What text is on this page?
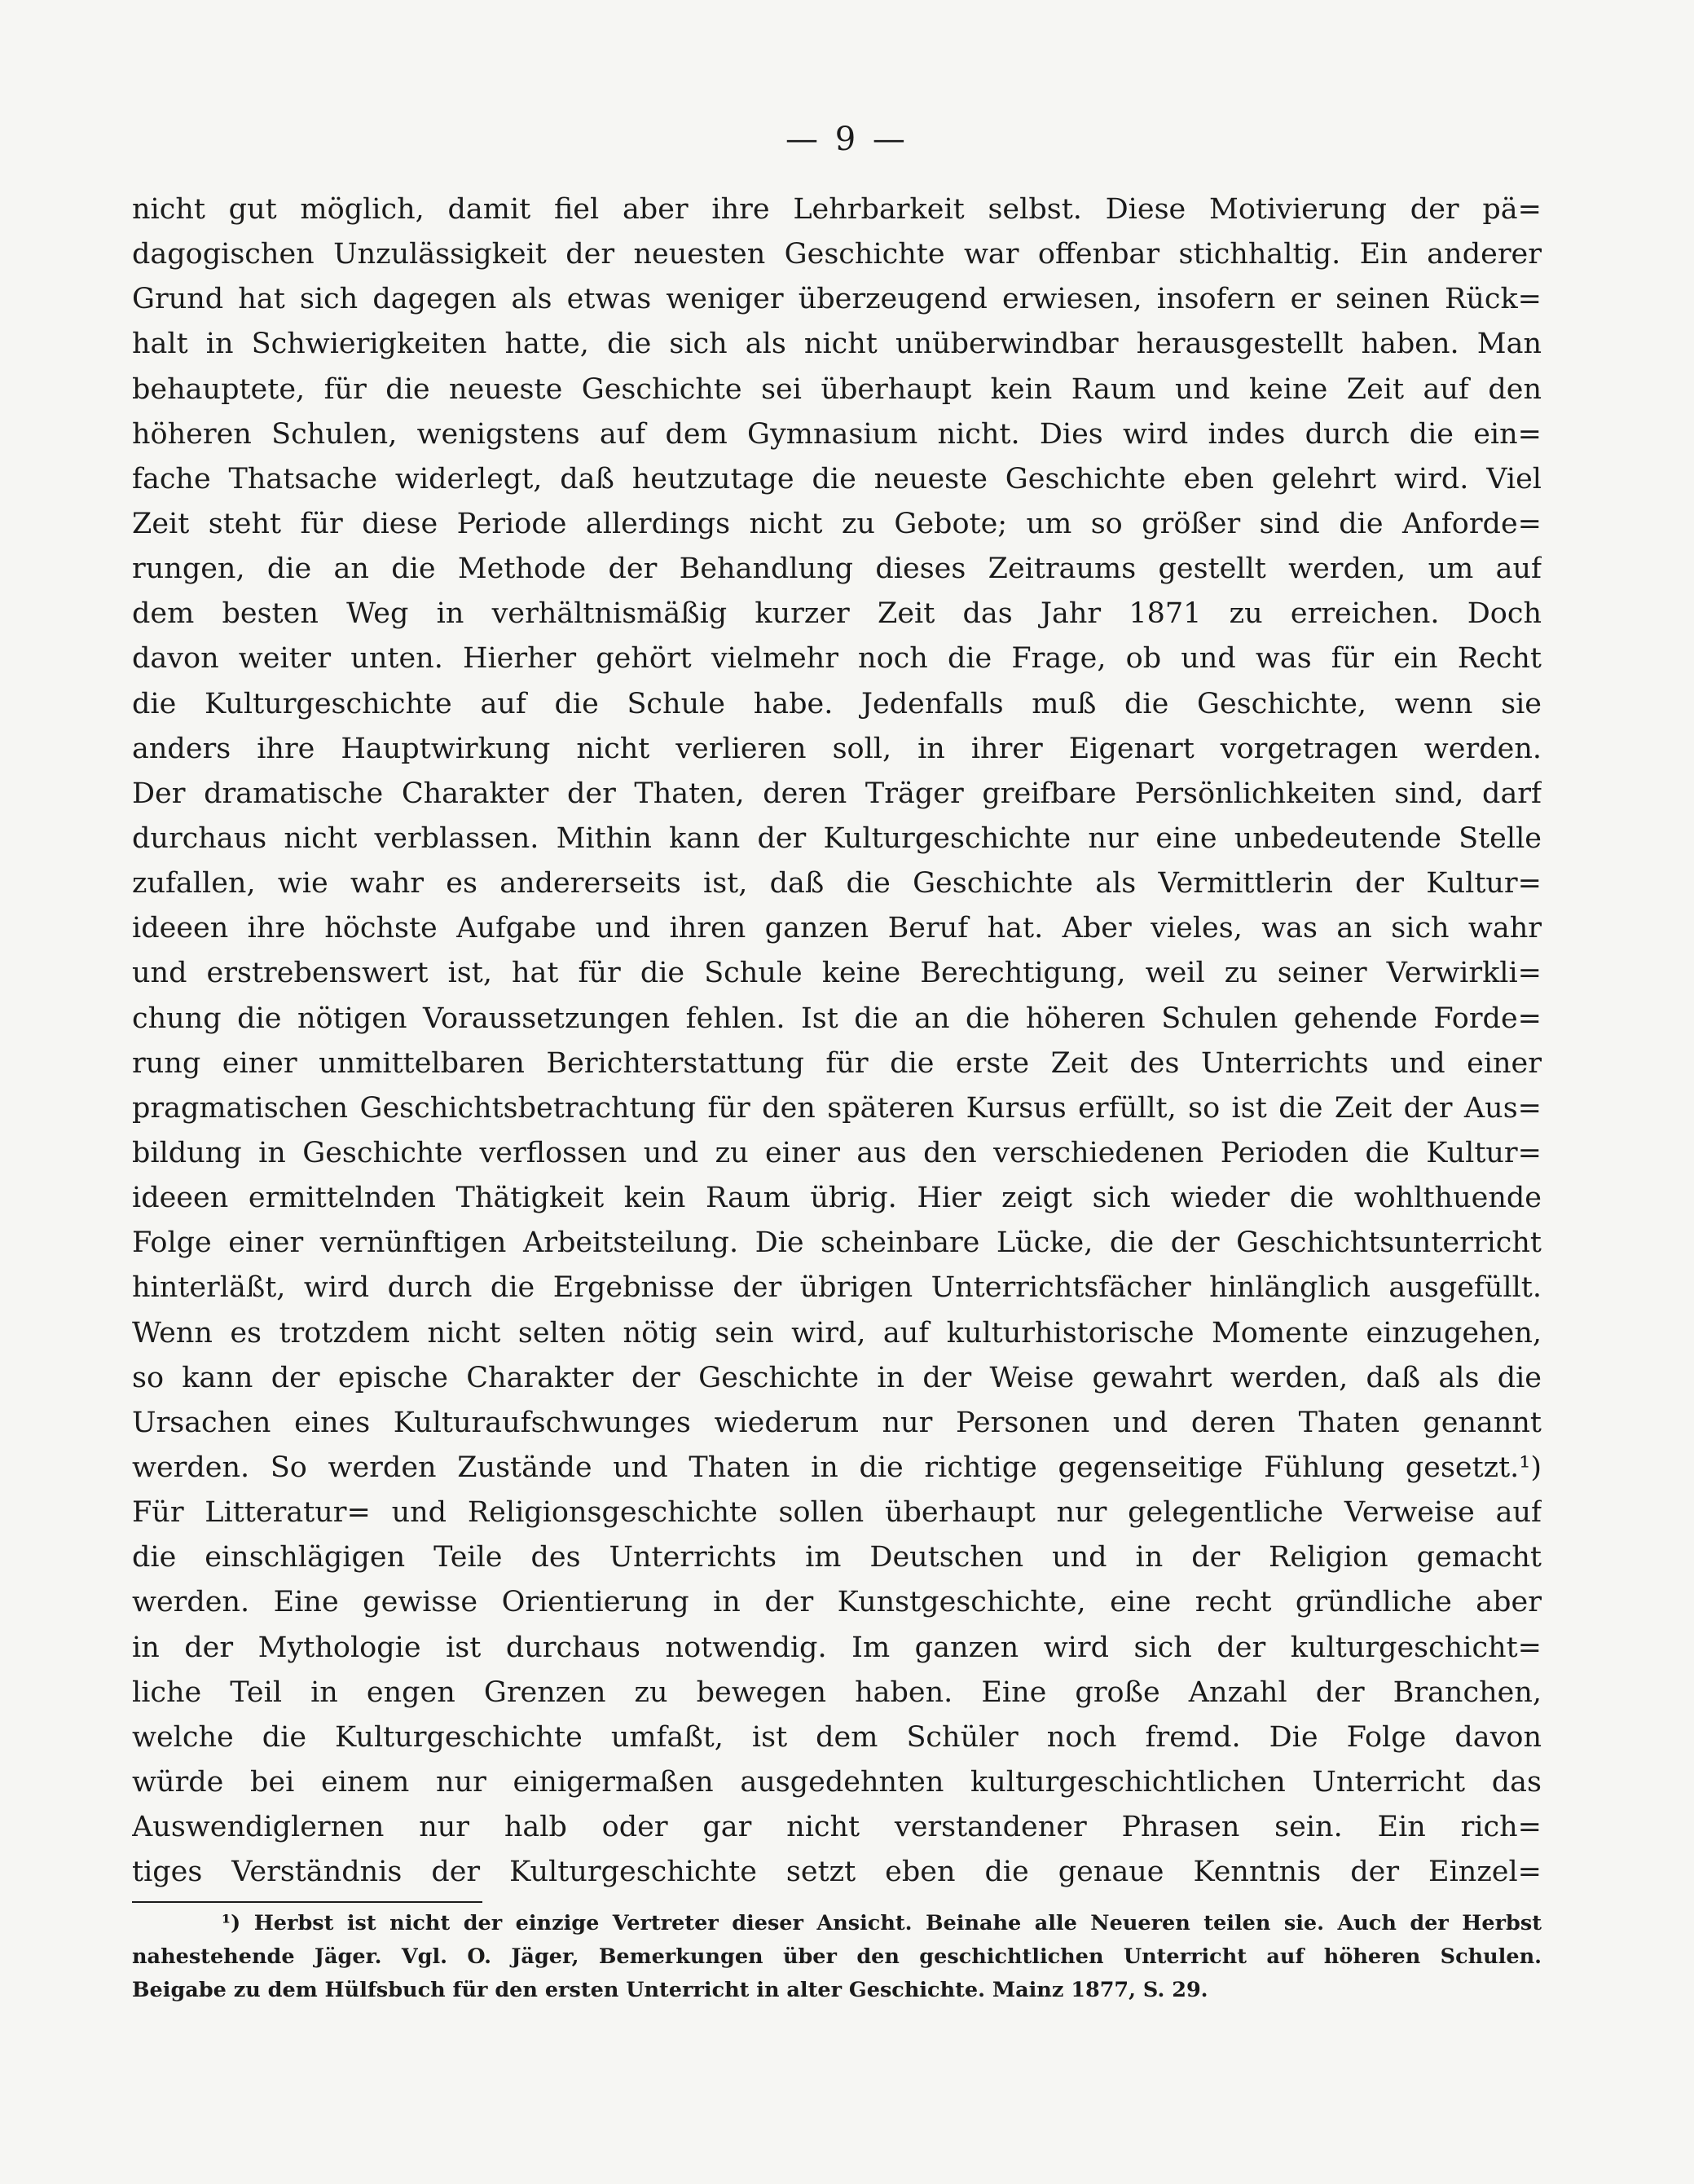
— 9 —
nicht gut möglich, damit fiel aber ihre Lehrbarkeit selbst. Diese Motivierung der pä=
dagogischen Unzulässigkeit der neuesten Geschichte war offenbar stichhaltig. Ein anderer
Grund hat sich dagegen als etwas weniger überzeugend erwiesen, insofern er seinen Rück=
halt in Schwierigkeiten hatte, die sich als nicht unüberwindbar herausgestellt haben. Man
behauptete, für die neueste Geschichte sei überhaupt kein Raum und keine Zeit auf den
höheren Schulen, wenigstens auf dem Gymnasium nicht. Dies wird indes durch die ein=
fache Thatsache widerlegt, daß heutzutage die neueste Geschichte eben gelehrt wird. Viel
Zeit steht für diese Periode allerdings nicht zu Gebote; um so größer sind die Anforde=
rungen, die an die Methode der Behandlung dieses Zeitraums gestellt werden, um auf
dem besten Weg in verhältnismäßig kurzer Zeit das Jahr 1871 zu erreichen. Doch
davon weiter unten. Hierher gehört vielmehr noch die Frage, ob und was für ein Recht
die Kulturgeschichte auf die Schule habe. Jedenfalls muß die Geschichte, wenn sie
anders ihre Hauptwirkung nicht verlieren soll, in ihrer Eigenart vorgetragen werden.
Der dramatische Charakter der Thaten, deren Träger greifbare Persönlichkeiten sind, darf
durchaus nicht verblassen. Mithin kann der Kulturgeschichte nur eine unbedeutende Stelle
zufallen, wie wahr es andererseits ist, daß die Geschichte als Vermittlerin der Kultur=
ideeen ihre höchste Aufgabe und ihren ganzen Beruf hat. Aber vieles, was an sich wahr
und erstrebenswert ist, hat für die Schule keine Berechtigung, weil zu seiner Verwirkli=
chung die nötigen Voraussetzungen fehlen. Ist die an die höheren Schulen gehende Forde=
rung einer unmittelbaren Berichterstattung für die erste Zeit des Unterrichts und einer
pragmatischen Geschichtsbetrachtung für den späteren Kursus erfüllt, so ist die Zeit der Aus=
bildung in Geschichte verflossen und zu einer aus den verschiedenen Perioden die Kultur=
ideeen ermittelnden Thätigkeit kein Raum übrig. Hier zeigt sich wieder die wohlthuende
Folge einer vernünftigen Arbeitsteilung. Die scheinbare Lücke, die der Geschichtsunterricht
hinterläßt, wird durch die Ergebnisse der übrigen Unterrichtsfächer hinlänglich ausgefüllt.
Wenn es trotzdem nicht selten nötig sein wird, auf kulturhistorische Momente einzugehen,
so kann der epische Charakter der Geschichte in der Weise gewahrt werden, daß als die
Ursachen eines Kulturaufschwunges wiederum nur Personen und deren Thaten genannt
werden. So werden Zustände und Thaten in die richtige gegenseitige Fühlung gesetzt.¹)
Für Litteratur= und Religionsgeschichte sollen überhaupt nur gelegentliche Verweise auf
die einschlägigen Teile des Unterrichts im Deutschen und in der Religion gemacht
werden. Eine gewisse Orientierung in der Kunstgeschichte, eine recht gründliche aber
in der Mythologie ist durchaus notwendig. Im ganzen wird sich der kulturgeschicht=
liche Teil in engen Grenzen zu bewegen haben. Eine große Anzahl der Branchen,
welche die Kulturgeschichte umfaßt, ist dem Schüler noch fremd. Die Folge davon
würde bei einem nur einigermaßen ausgedehnten kulturgeschichtlichen Unterricht das
Auswendiglernen nur halb oder gar nicht verstandener Phrasen sein. Ein rich=
tiges Verständnis der Kulturgeschichte setzt eben die genaue Kenntnis der Einzel=
¹) Herbst ist nicht der einzige Vertreter dieser Ansicht. Beinahe alle Neueren teilen sie. Auch der Herbst
nahestehende Jäger. Vgl. O. Jäger, Bemerkungen über den geschichtlichen Unterricht auf höheren Schulen.
Beigabe zu dem Hülfsbuch für den ersten Unterricht in alter Geschichte. Mainz 1877, S. 29.
